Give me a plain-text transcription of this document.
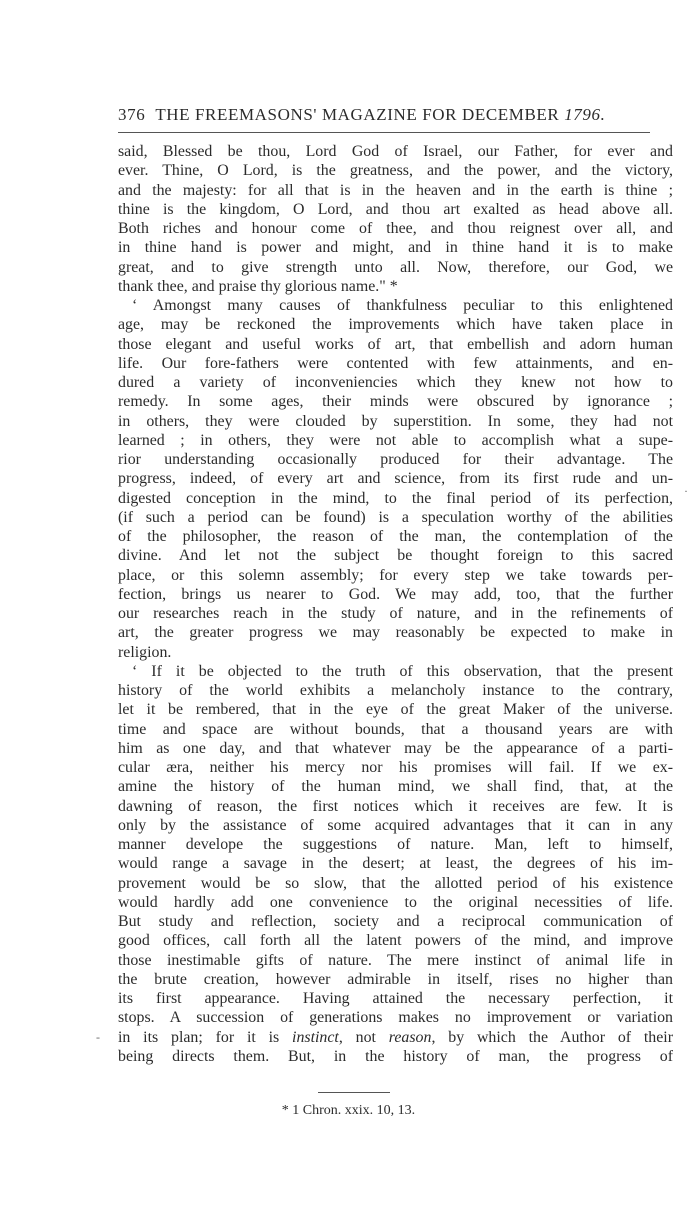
376 THE FREEMASONS' MAGAZINE FOR DECEMBER 1796.
said, Blessed be thou, Lord God of Israel, our Father, for ever and
ever. Thine, O Lord, is the greatness, and the power, and the victory,
and the majesty: for all that is in the heaven and in the earth is thine ;
thine is the kingdom, O Lord, and thou art exalted as head above all.
Both riches and honour come of thee, and thou reignest over all, and
in thine hand is power and might, and in thine hand it is to make
great, and to give strength unto all. Now, therefore, our God, we
thank thee, and praise thy glorious name." *
‘ Amongst many causes of thankfulness peculiar to this enlightened
age, may be reckoned the improvements which have taken place in
those elegant and useful works of art, that embellish and adorn human
life. Our fore-fathers were contented with few attainments, and en-
dured a variety of inconveniencies which they knew not how to
remedy. In some ages, their minds were obscured by ignorance ;
in others, they were clouded by superstition. In some, they had not
learned ; in others, they were not able to accomplish what a supe-
rior understanding occasionally produced for their advantage. The
progress, indeed, of every art and science, from its first rude and un-
digested conception in the mind, to the final period of its perfection,
(if such a period can be found) is a speculation worthy of the abilities
of the philosopher, the reason of the man, the contemplation of the
divine. And let not the subject be thought foreign to this sacred
place, or this solemn assembly; for every step we take towards per-
fection, brings us nearer to God. We may add, too, that the further
our researches reach in the study of nature, and in the refinements of
art, the greater progress we may reasonably be expected to make in
religion.
‘ If it be objected to the truth of this observation, that the present
history of the world exhibits a melancholy instance to the contrary,
let it be rembered, that in the eye of the great Maker of the universe.
time and space are without bounds, that a thousand years are with
him as one day, and that whatever may be the appearance of a parti-
cular æra, neither his mercy nor his promises will fail. If we ex-
amine the history of the human mind, we shall find, that, at the
dawning of reason, the first notices which it receives are few. It is
only by the assistance of some acquired advantages that it can in any
manner develope the suggestions of nature. Man, left to himself,
would range a savage in the desert; at least, the degrees of his im-
provement would be so slow, that the allotted period of his existence
would hardly add one convenience to the original necessities of life.
But study and reflection, society and a reciprocal communication of
good offices, call forth all the latent powers of the mind, and improve
those inestimable gifts of nature. The mere instinct of animal life in
the brute creation, however admirable in itself, rises no higher than
its first appearance. Having attained the necessary perfection, it
stops. A succession of generations makes no improvement or variation
in its plan; for it is instinct, not reason, by which the Author of their
being directs them. But, in the history of man, the progress of
* 1 Chron. xxix. 10, 13.
·
-
